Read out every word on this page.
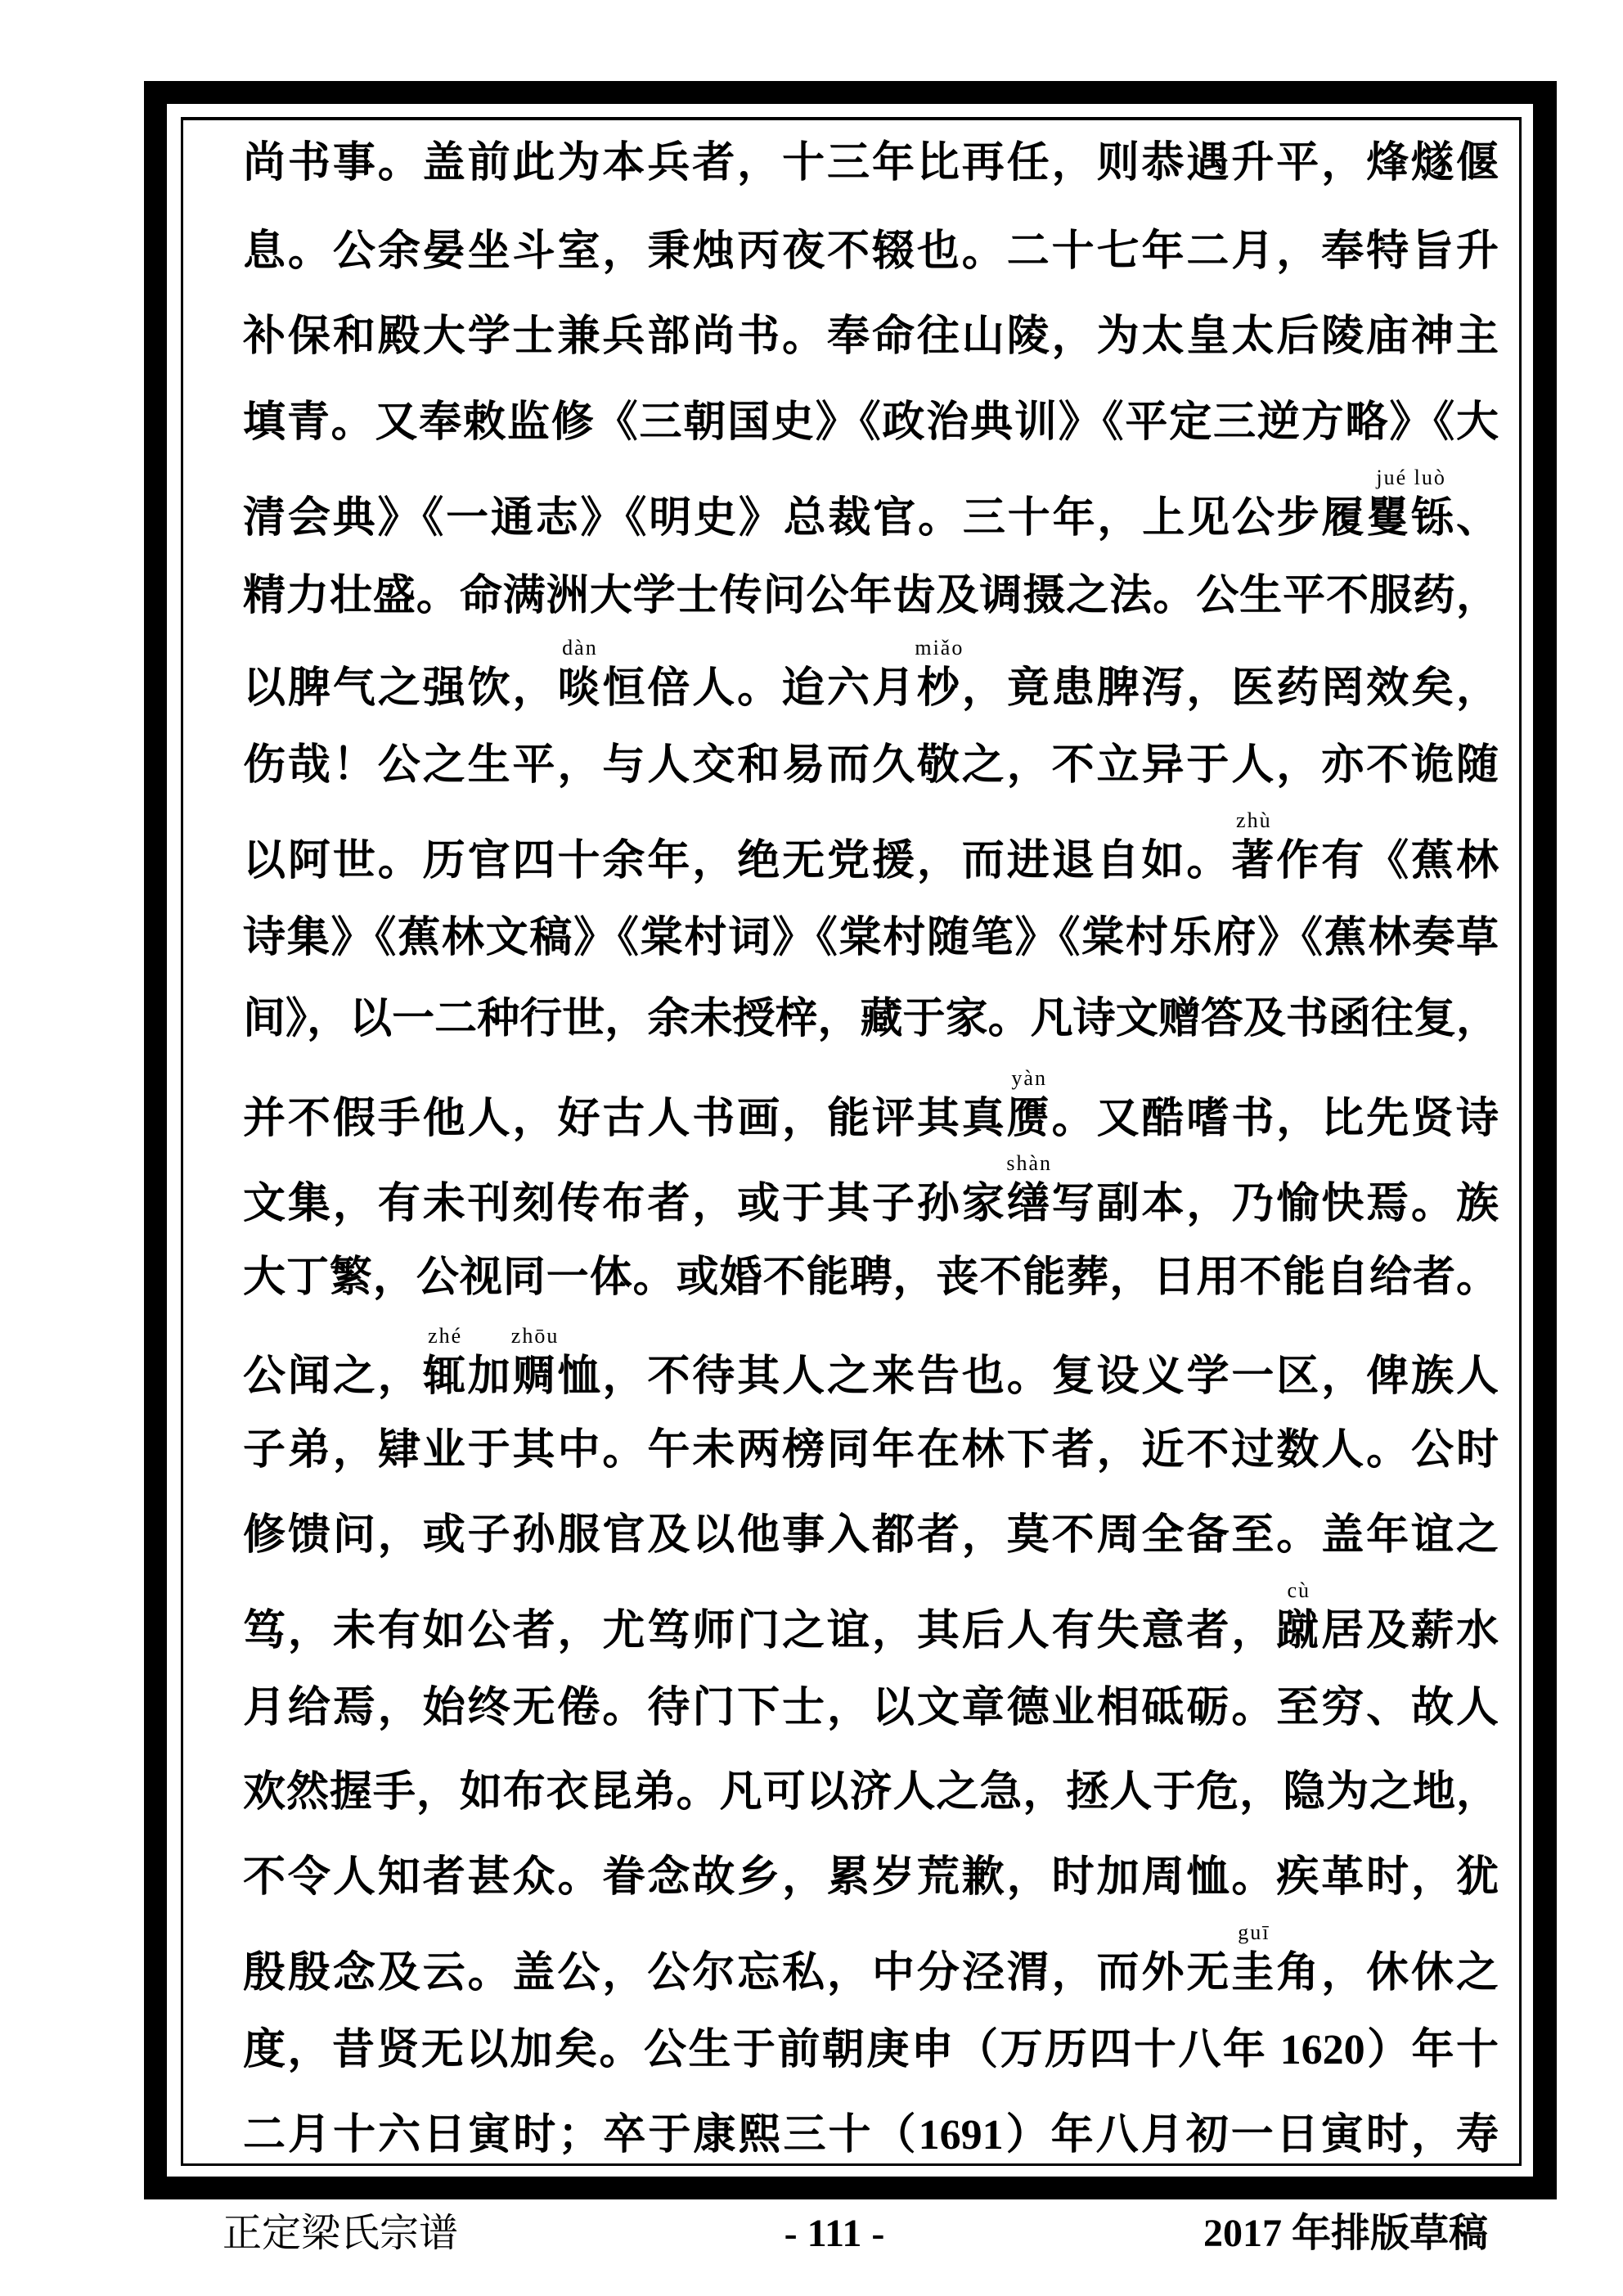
尚书事。盖前此为本兵者，十三年比再任，则恭遇升平，烽燧偃
息。公余晏坐斗室，秉烛丙夜不辍也。二十七年二月，奉特旨升
补保和殿大学士兼兵部尚书。奉命往山陵，为太皇太后陵庙神主
填青。又奉敕监修《三朝国史》《政治典训》《平定三逆方略》《大
清会典》《一通志》《明史》总裁官。三十年，上见公步履矍铄
jué luò
、
精力壮盛。命满洲大学士传问公年齿及调摄之法。公生平不服药，
以脾气之强饮，啖
dàn
恒倍人。迨六月杪
miǎo
，竟患脾泻，医药罔效矣，
伤哉！公之生平，与人交和易而久敬之，不立异于人，亦不诡随
以阿世。历官四十余年，绝无党援，而进退自如。著
zhù
作有《蕉林
诗集》《蕉林文稿》《棠村词》《棠村随笔》《棠村乐府》《蕉林奏草
间》，以一二种行世，余未授梓，藏于家。凡诗文赠答及书函往复，
并不假手他人，好古人书画，能评其真赝
yàn
。又酷嗜书，比先贤诗
文集，有未刊刻传布者，或于其子孙家缮
shàn
写副本，乃愉快焉。族
大丁繁，公视同一体。或婚不能聘，丧不能葬，日用不能自给者。
公闻之，辄
zhé
加赒
zhōu
恤，不待其人之来告也。复设义学一区，俾族人
子弟，肄业于其中。午未两榜同年在林下者，近不过数人。公时
修馈问，或子孙服官及以他事入都者，莫不周全备至。盖年谊之
笃，未有如公者，尤笃师门之谊，其后人有失意者，蹴
cù
居及薪水
月给焉，始终无倦。待门下士，以文章德业相砥砺。至穷、故人
欢然握手，如布衣昆弟。凡可以济人之急，拯人于危，隐为之地，
不令人知者甚众。眷念故乡，累岁荒歉，时加周恤。疾革时，犹
殷殷念及云。盖公，公尔忘私，中分泾渭，而外无圭
guī
角，休休之
度，昔贤无以加矣。公生于前朝庚申（万历四十八年 1620）年十
二月十六日寅时；卒于康熙三十（1691）年八月初一日寅时，寿
正定梁氏宗谱	- 111 -	2017 年排版草稿
